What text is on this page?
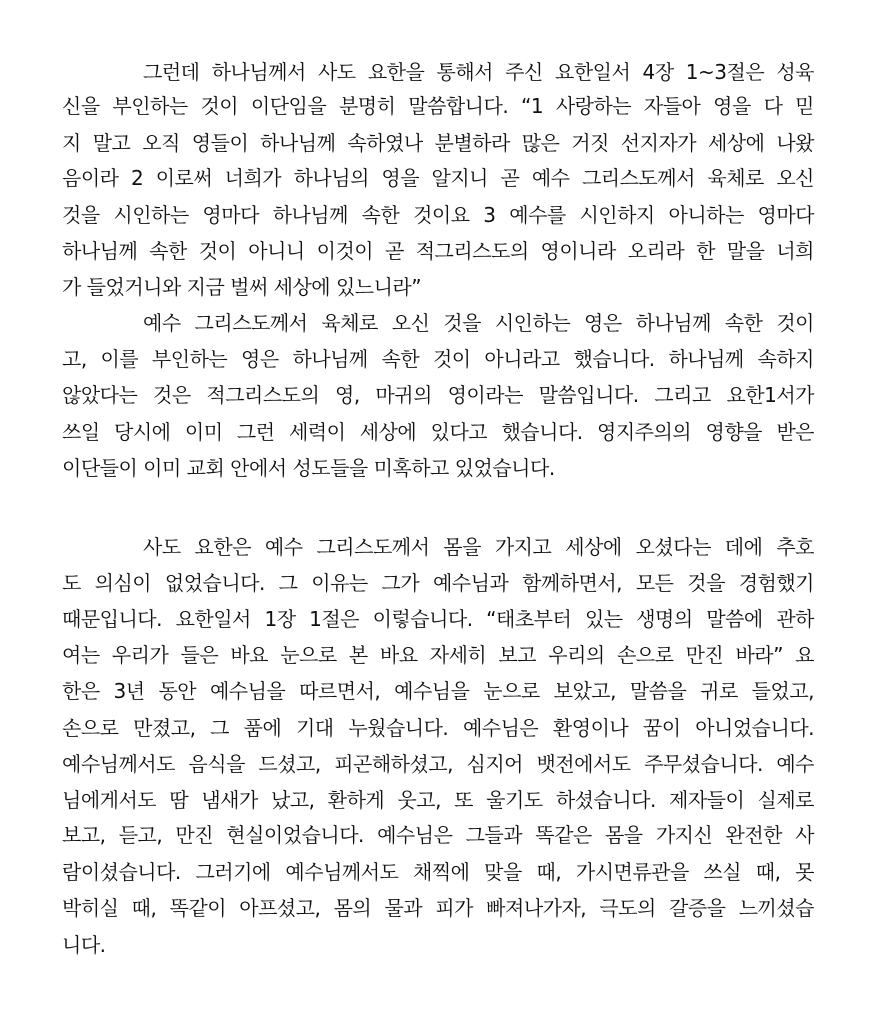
그런데 하나님께서 사도 요한을 통해서 주신 요한일서 4장 1~3절은 성육
신을 부인하는 것이 이단임을 분명히 말씀합니다. “1 사랑하는 자들아 영을 다 믿
지 말고 오직 영들이 하나님께 속하였나 분별하라 많은 거짓 선지자가 세상에 나왔
음이라 2 이로써 너희가 하나님의 영을 알지니 곧 예수 그리스도께서 육체로 오신
것을 시인하는 영마다 하나님께 속한 것이요 3 예수를 시인하지 아니하는 영마다
하나님께 속한 것이 아니니 이것이 곧 적그리스도의 영이니라 오리라 한 말을 너희
가 들었거니와 지금 벌써 세상에 있느니라”
예수 그리스도께서 육체로 오신 것을 시인하는 영은 하나님께 속한 것이
고, 이를 부인하는 영은 하나님께 속한 것이 아니라고 했습니다. 하나님께 속하지
않았다는 것은 적그리스도의 영, 마귀의 영이라는 말씀입니다. 그리고 요한1서가
쓰일 당시에 이미 그런 세력이 세상에 있다고 했습니다. 영지주의의 영향을 받은
이단들이 이미 교회 안에서 성도들을 미혹하고 있었습니다.
사도 요한은 예수 그리스도께서 몸을 가지고 세상에 오셨다는 데에 추호
도 의심이 없었습니다. 그 이유는 그가 예수님과 함께하면서, 모든 것을 경험했기
때문입니다. 요한일서 1장 1절은 이렇습니다. “태초부터 있는 생명의 말씀에 관하
여는 우리가 들은 바요 눈으로 본 바요 자세히 보고 우리의 손으로 만진 바라” 요
한은 3년 동안 예수님을 따르면서, 예수님을 눈으로 보았고, 말씀을 귀로 들었고,
손으로 만졌고, 그 품에 기대 누웠습니다. 예수님은 환영이나 꿈이 아니었습니다.
예수님께서도 음식을 드셨고, 피곤해하셨고, 심지어 뱃전에서도 주무셨습니다. 예수
님에게서도 땀 냄새가 났고, 환하게 웃고, 또 울기도 하셨습니다. 제자들이 실제로
보고, 듣고, 만진 현실이었습니다. 예수님은 그들과 똑같은 몸을 가지신 완전한 사
람이셨습니다. 그러기에 예수님께서도 채찍에 맞을 때, 가시면류관을 쓰실 때, 못
박히실 때, 똑같이 아프셨고, 몸의 물과 피가 빠져나가자, 극도의 갈증을 느끼셨습
니다.
